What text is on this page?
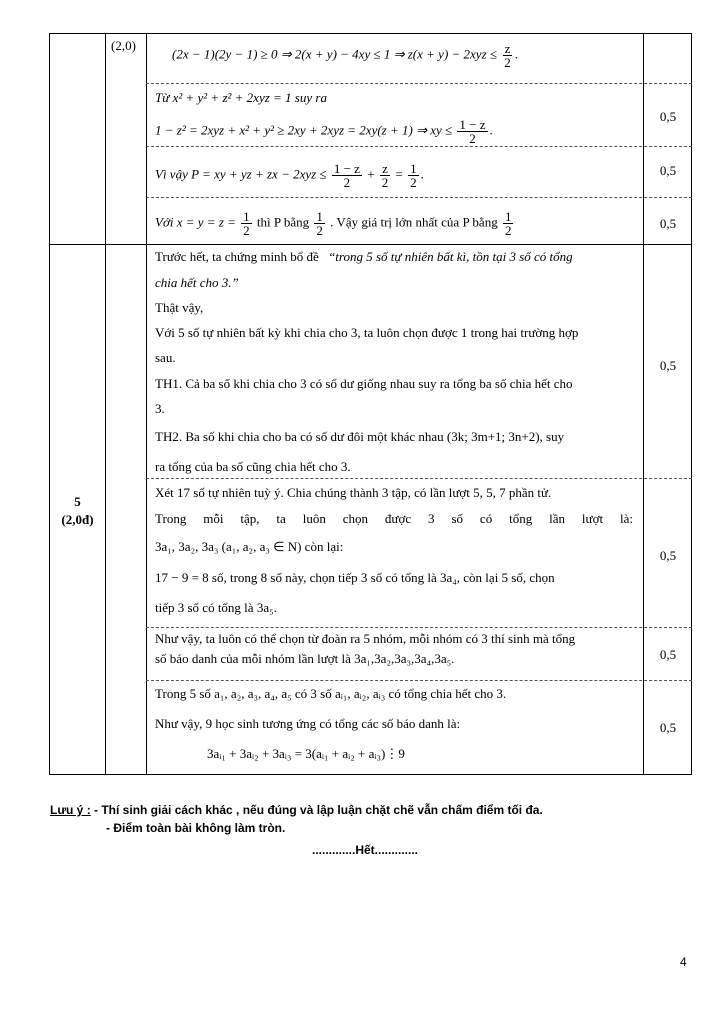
(2,0)
(2x − 1)(2y − 1) ≥ 0 ⇒ 2(x + y) − 4xy ≤ 1 ⇒ $z(x + y) - 2xyz \le \frac{z}{2}$ .
Từ x² + y² + z² + 2xyz = 1 suy ra
1 − z² = 2xyz + x² + y² ≥ 2xy + 2xyz = 2xy(z + 1) ⇒ xy ≤ $\frac{1 - z}{2}$ .
Vì vậy P = xy + yz + zx − $2xyz \le \frac{1 - z}{2} + \frac{z}{2} = \frac{1}{2}$ .
Với $x = y = z = \frac{1}{2}$ thì P bằng $\frac{1}{2}$ . Vậy giá trị lớn nhất của P bằng $\frac{1}{2}$
5
(2,0đ)
Trước hết, ta chứng minh bổ đề “trong 5 số tự nhiên bất kì, tồn tại 3 số có tổng
chia hết cho 3.”
Thật vậy,
Với 5 số tự nhiên bất kỳ khi chia cho 3, ta luôn chọn được 1 trong hai trường hợp
sau.
TH1. Cả ba số khi chia cho 3 có số dư giống nhau suy ra tổng ba số chia hết cho
3.
TH2. Ba số khi chia cho ba có số dư đôi một khác nhau (3k; 3m+1; 3n+2), suy
ra tổng của ba số cũng chia hết cho 3.
Xét 17 số tự nhiên tuỳ ý. Chia chúng thành 3 tập, có lần lượt 5, 5, 7 phần tử.
Trong mỗi tập, ta luôn chọn được 3 số có tổng lần lượt là:
3a₁, 3a₂, 3a₃ (a₁, a₂, a₃ ∈ N) còn lại:
17 − 9 = 8 số, trong 8 số này, chọn tiếp 3 số có tổng là 3a₄, còn lại 5 số, chọn
tiếp 3 số có tổng là 3a₅.
Như vậy, ta luôn có thể chọn từ đoàn ra 5 nhóm, mỗi nhóm có 3 thí sinh mà tổng
số báo danh của mỗi nhóm lần lượt là 3a₁,3a₂,3a₃,3a₄,3a₅.
Trong 5 số a₁, a₂, a₃, a₄, a₅ có 3 số aᵢ₁, aᵢ₂, aᵢ₃ có tổng chia hết cho 3.
Như vậy, 9 học sinh tương ứng có tổng các số báo danh là:
3aᵢ₁ + 3aᵢ₂ + 3aᵢ₃ = 3(aᵢ₁ + aᵢ₂ + aᵢ₃)⋮9
0,5
0,5
0,5
0,5
0,5
0,5
0,5
Lưu ý : - Thí sinh giải cách khác , nếu đúng và lập luận chặt chẽ vẫn chấm điểm tối đa.
- Điểm toàn bài không làm tròn.
.............Hết.............
4
